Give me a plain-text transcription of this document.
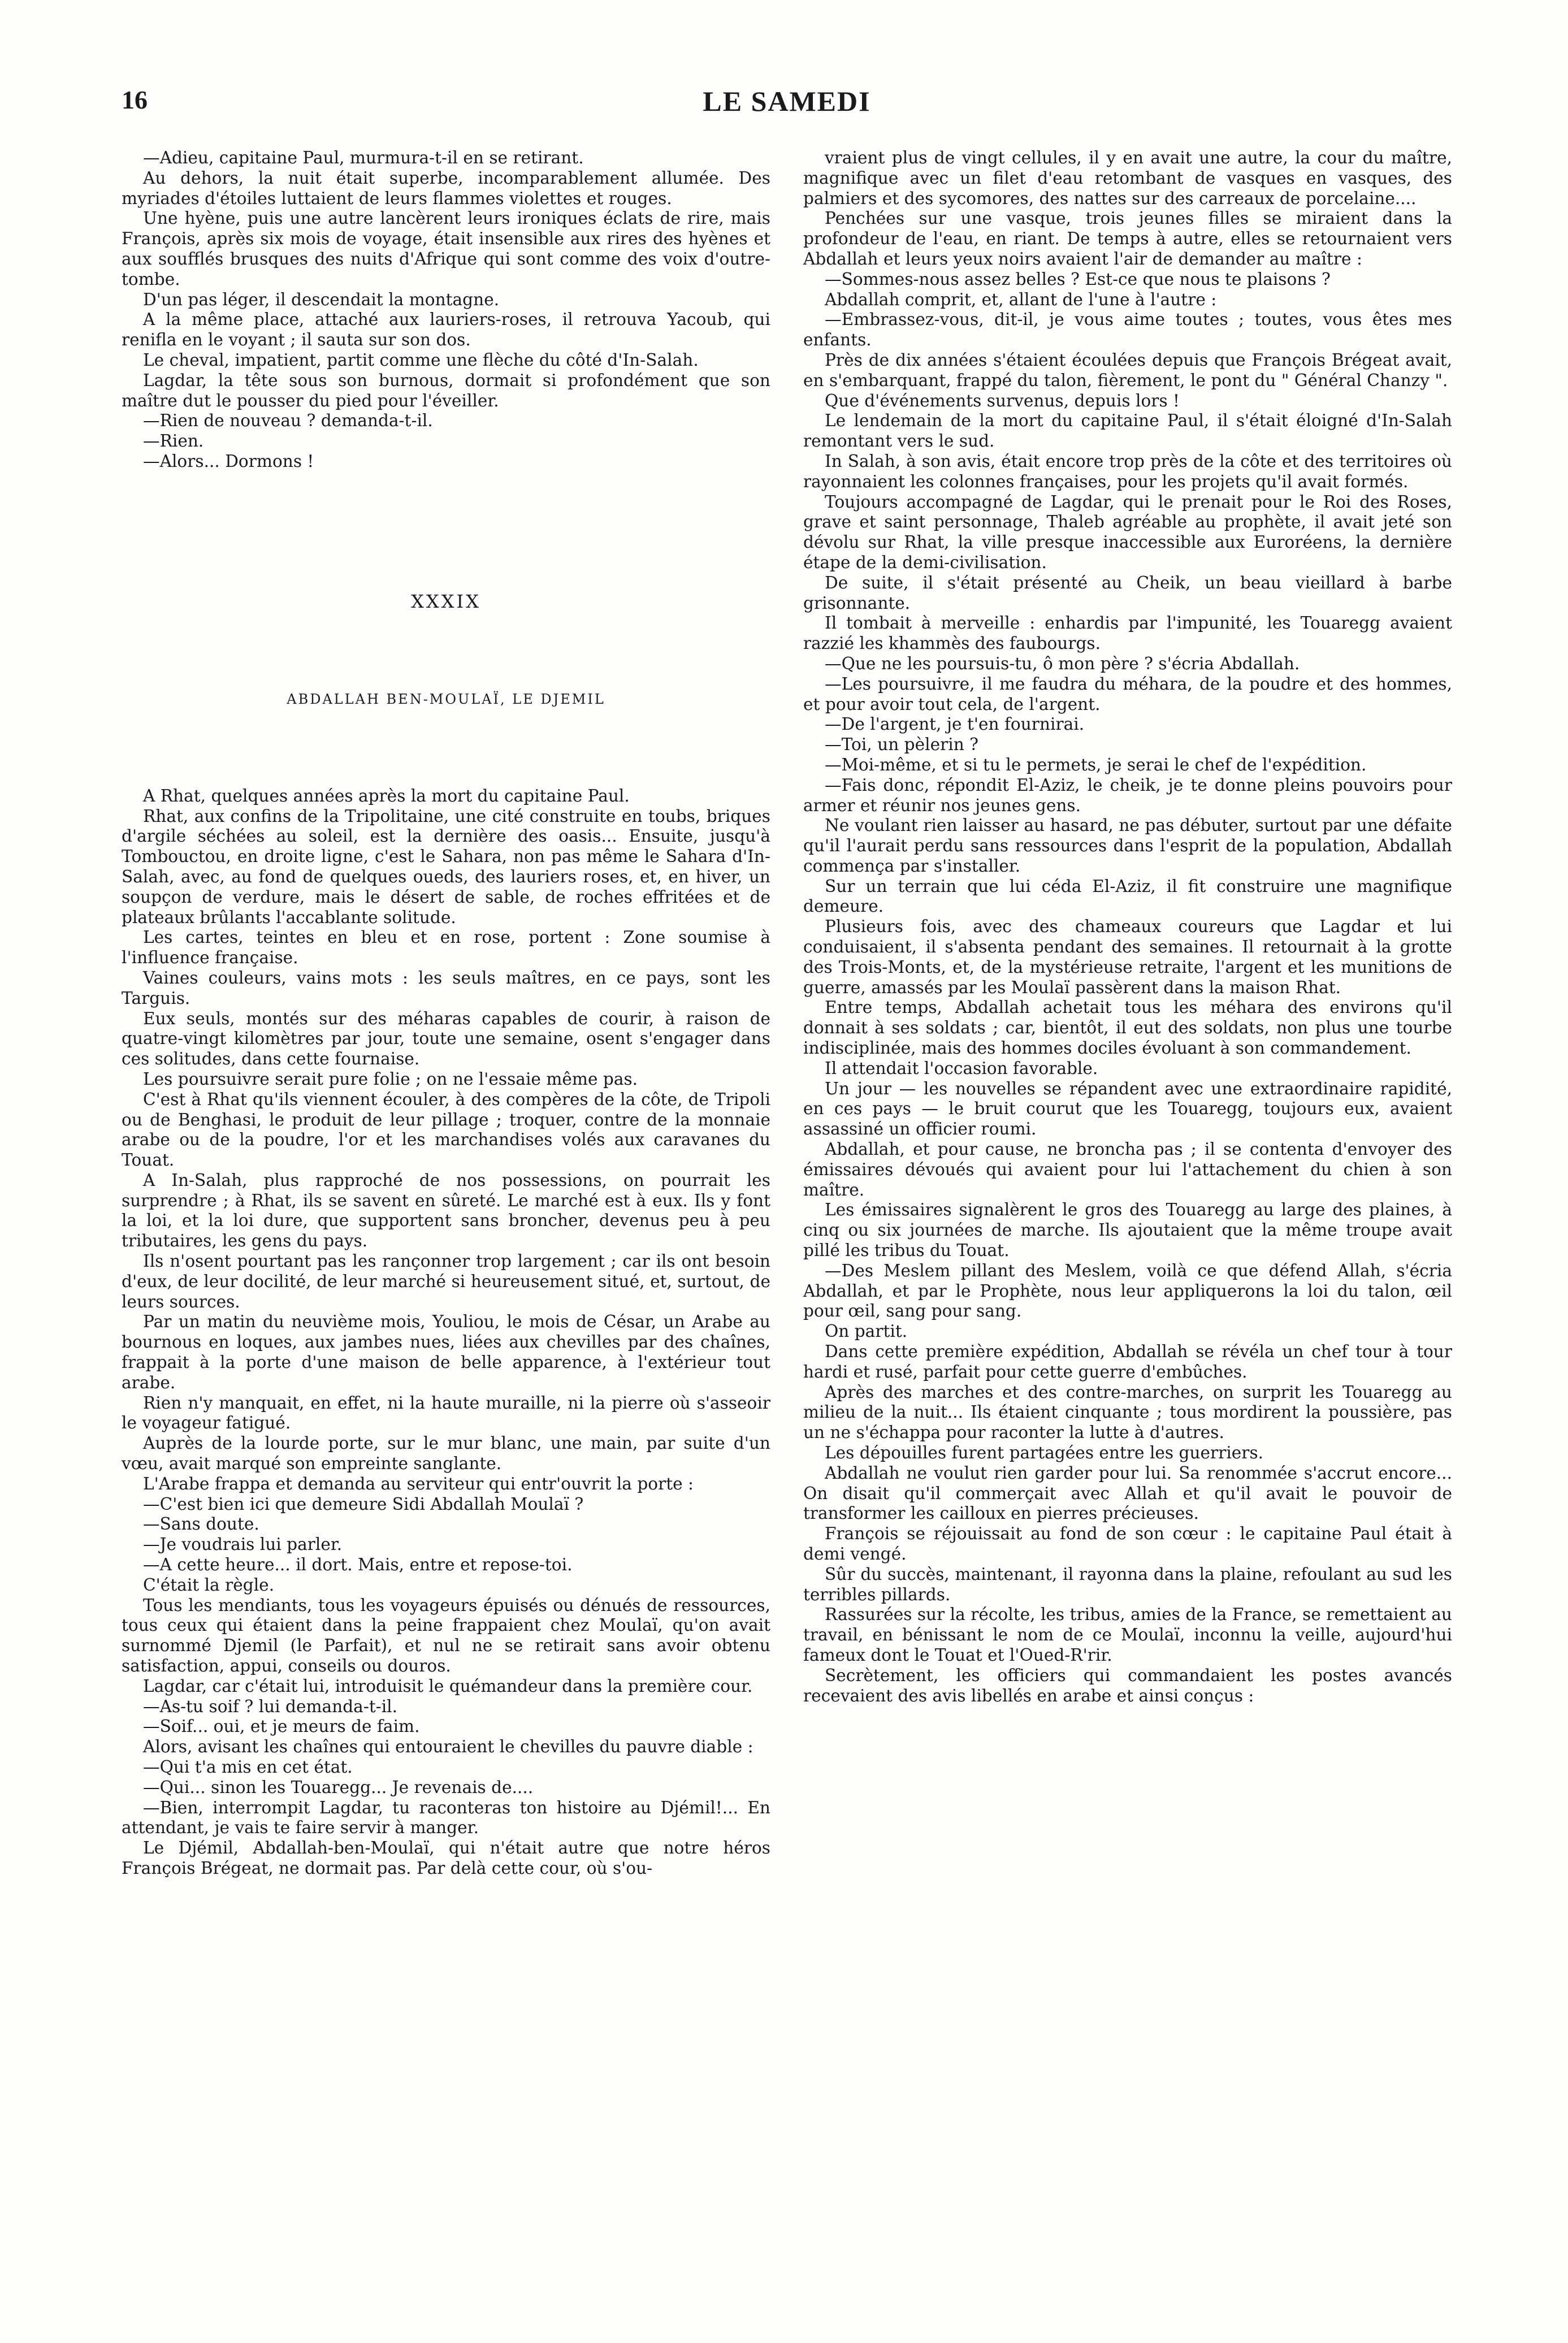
16	LE SAMEDI

—Adieu, capitaine Paul, murmura-t-il en se retirant.

Au dehors, la nuit était superbe, incomparablement allumée. Des myriades d'étoiles luttaient de leurs flammes violettes et rouges.

Une hyène, puis une autre lancèrent leurs ironiques éclats de rire, mais François, après six mois de voyage, était insensible aux rires des hyènes et aux soufflés brusques des nuits d'Afrique qui sont comme des voix d'outre-tombe.

D'un pas léger, il descendait la montagne.

A la même place, attaché aux lauriers-roses, il retrouva Yacoub, qui renifla en le voyant ; il sauta sur son dos.

Le cheval, impatient, partit comme une flèche du côté d'In-Salah.

Lagdar, la tête sous son burnous, dormait si profondément que son maître dut le pousser du pied pour l'éveiller.

—Rien de nouveau ? demanda-t-il.

—Rien.

—Alors... Dormons !

XXXIX
ABDALLAH BEN-MOULAÏ, LE DJEMIL

A Rhat, quelques années après la mort du capitaine Paul.

Rhat, aux confins de la Tripolitaine, une cité construite en toubs, briques d'argile séchées au soleil, est la dernière des oasis... Ensuite, jusqu'à Tombouctou, en droite ligne, c'est le Sahara, non pas même le Sahara d'In-Salah, avec, au fond de quelques oueds, des lauriers roses, et, en hiver, un soupçon de verdure, mais le désert de sable, de roches effritées et de plateaux brûlants l'accablante solitude.

Les cartes, teintes en bleu et en rose, portent : Zone soumise à l'influence française.

Vaines couleurs, vains mots : les seuls maîtres, en ce pays, sont les Targuis.

Eux seuls, montés sur des méharas capables de courir, à raison de quatre-vingt kilomètres par jour, toute une semaine, osent s'engager dans ces solitudes, dans cette fournaise.

Les poursuivre serait pure folie ; on ne l'essaie même pas.

C'est à Rhat qu'ils viennent écouler, à des compères de la côte, de Tripoli ou de Benghasi, le produit de leur pillage ; troquer, contre de la monnaie arabe ou de la poudre, l'or et les marchandises volés aux caravanes du Touat.

A In-Salah, plus rapproché de nos possessions, on pourrait les surprendre ; à Rhat, ils se savent en sûreté. Le marché est à eux. Ils y font la loi, et la loi dure, que supportent sans broncher, devenus peu à peu tributaires, les gens du pays.

Ils n'osent pourtant pas les rançonner trop largement ; car ils ont besoin d'eux, de leur docilité, de leur marché si heureusement situé, et, surtout, de leurs sources.

Par un matin du neuvième mois, Youliou, le mois de César, un Arabe au bournous en loques, aux jambes nues, liées aux chevilles par des chaînes, frappait à la porte d'une maison de belle apparence, à l'extérieur tout arabe.

Rien n'y manquait, en effet, ni la haute muraille, ni la pierre où s'asseoir le voyageur fatigué.

Auprès de la lourde porte, sur le mur blanc, une main, par suite d'un vœu, avait marqué son empreinte sanglante.

L'Arabe frappa et demanda au serviteur qui entr'ouvrit la porte :

—C'est bien ici que demeure Sidi Abdallah Moulaï ?

—Sans doute.

—Je voudrais lui parler.

—A cette heure... il dort. Mais, entre et repose-toi.

C'était la règle.

Tous les mendiants, tous les voyageurs épuisés ou dénués de ressources, tous ceux qui étaient dans la peine frappaient chez Moulaï, qu'on avait surnommé Djemil (le Parfait), et nul ne se retirait sans avoir obtenu satisfaction, appui, conseils ou douros.

Lagdar, car c'était lui, introduisit le quémandeur dans la première cour.

—As-tu soif ? lui demanda-t-il.

—Soif... oui, et je meurs de faim.

Alors, avisant les chaînes qui entouraient le chevilles du pauvre diable :

—Qui t'a mis en cet état.

—Qui... sinon les Touaregg... Je revenais de....

—Bien, interrompit Lagdar, tu raconteras ton histoire au Djémil!... En attendant, je vais te faire servir à manger.

Le Djémil, Abdallah-ben-Moulaï, qui n'était autre que notre héros François Brégeat, ne dormait pas. Par delà cette cour, où s'ou-

vraient plus de vingt cellules, il y en avait une autre, la cour du maître, magnifique avec un filet d'eau retombant de vasques en vasques, des palmiers et des sycomores, des nattes sur des carreaux de porcelaine....

Penchées sur une vasque, trois jeunes filles se miraient dans la profondeur de l'eau, en riant. De temps à autre, elles se retournaient vers Abdallah et leurs yeux noirs avaient l'air de demander au maître :

—Sommes-nous assez belles ? Est-ce que nous te plaisons ?

Abdallah comprit, et, allant de l'une à l'autre :

—Embrassez-vous, dit-il, je vous aime toutes ; toutes, vous êtes mes enfants.

Près de dix années s'étaient écoulées depuis que François Brégeat avait, en s'embarquant, frappé du talon, fièrement, le pont du " Général Chanzy ".

Que d'événements survenus, depuis lors !

Le lendemain de la mort du capitaine Paul, il s'était éloigné d'In-Salah remontant vers le sud.

In Salah, à son avis, était encore trop près de la côte et des territoires où rayonnaient les colonnes françaises, pour les projets qu'il avait formés.

Toujours accompagné de Lagdar, qui le prenait pour le Roi des Roses, grave et saint personnage, Thaleb agréable au prophète, il avait jeté son dévolu sur Rhat, la ville presque inaccessible aux Euroréens, la dernière étape de la demi-civilisation.

De suite, il s'était présenté au Cheik, un beau vieillard à barbe grisonnante.

Il tombait à merveille : enhardis par l'impunité, les Touaregg avaient razzié les khammès des faubourgs.

—Que ne les poursuis-tu, ô mon père ? s'écria Abdallah.

—Les poursuivre, il me faudra du méhara, de la poudre et des hommes, et pour avoir tout cela, de l'argent.

—De l'argent, je t'en fournirai.

—Toi, un pèlerin ?

—Moi-même, et si tu le permets, je serai le chef de l'expédition.

—Fais donc, répondit El-Aziz, le cheik, je te donne pleins pouvoirs pour armer et réunir nos jeunes gens.

Ne voulant rien laisser au hasard, ne pas débuter, surtout par une défaite qu'il l'aurait perdu sans ressources dans l'esprit de la population, Abdallah commença par s'installer.

Sur un terrain que lui céda El-Aziz, il fit construire une magnifique demeure.

Plusieurs fois, avec des chameaux coureurs que Lagdar et lui conduisaient, il s'absenta pendant des semaines. Il retournait à la grotte des Trois-Monts, et, de la mystérieuse retraite, l'argent et les munitions de guerre, amassés par les Moulaï passèrent dans la maison Rhat.

Entre temps, Abdallah achetait tous les méhara des environs qu'il donnait à ses soldats ; car, bientôt, il eut des soldats, non plus une tourbe indisciplinée, mais des hommes dociles évoluant à son commandement.

Il attendait l'occasion favorable.

Un jour — les nouvelles se répandent avec une extraordinaire rapidité, en ces pays — le bruit courut que les Touaregg, toujours eux, avaient assassiné un officier roumi.

Abdallah, et pour cause, ne broncha pas ; il se contenta d'envoyer des émissaires dévoués qui avaient pour lui l'attachement du chien à son maître.

Les émissaires signalèrent le gros des Touaregg au large des plaines, à cinq ou six journées de marche. Ils ajoutaient que la même troupe avait pillé les tribus du Touat.

—Des Meslem pillant des Meslem, voilà ce que défend Allah, s'écria Abdallah, et par le Prophète, nous leur appliquerons la loi du talon, œil pour œil, sang pour sang.

On partit.

Dans cette première expédition, Abdallah se révéla un chef tour à tour hardi et rusé, parfait pour cette guerre d'embûches.

Après des marches et des contre-marches, on surprit les Touaregg au milieu de la nuit... Ils étaient cinquante ; tous mordirent la poussière, pas un ne s'échappa pour raconter la lutte à d'autres.

Les dépouilles furent partagées entre les guerriers.

Abdallah ne voulut rien garder pour lui. Sa renommée s'accrut encore... On disait qu'il commerçait avec Allah et qu'il avait le pouvoir de transformer les cailloux en pierres précieuses.

François se réjouissait au fond de son cœur : le capitaine Paul était à demi vengé.

Sûr du succès, maintenant, il rayonna dans la plaine, refoulant au sud les terribles pillards.

Rassurées sur la récolte, les tribus, amies de la France, se remettaient au travail, en bénissant le nom de ce Moulaï, inconnu la veille, aujourd'hui fameux dont le Touat et l'Oued-R'rir.

Secrètement, les officiers qui commandaient les postes avancés recevaient des avis libellés en arabe et ainsi conçus :
